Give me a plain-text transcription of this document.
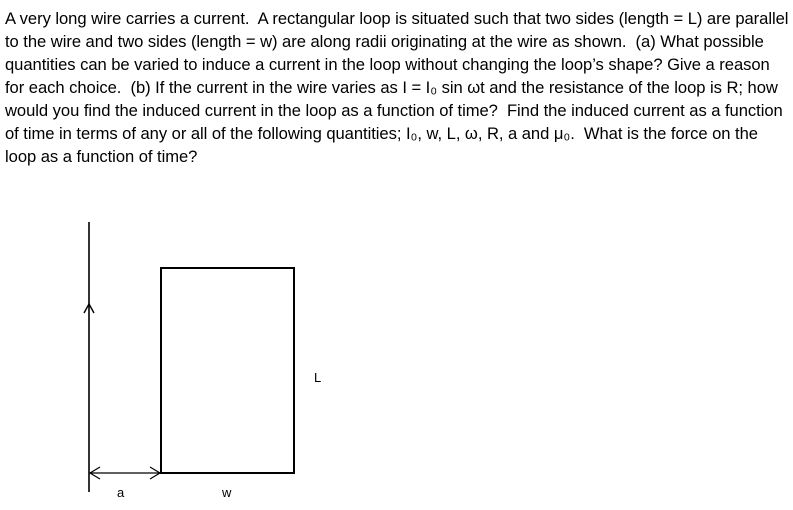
A very long wire carries a current.  A rectangular loop is situated such that two sides (length = L) are parallel to the wire and two sides (length = w) are along radii originating at the wire as shown.  (a) What possible quantities can be varied to induce a current in the loop without changing the loop’s shape? Give a reason for each choice.  (b) If the current in the wire varies as I = I₀ sin ωt and the resistance of the loop is R; how would you find the induced current in the loop as a function of time?  Find the induced current as a function of time in terms of any or all of the following quantities; I₀, w, L, ω, R, a and μ₀.  What is the force on the loop as a function of time?

a	w
L
